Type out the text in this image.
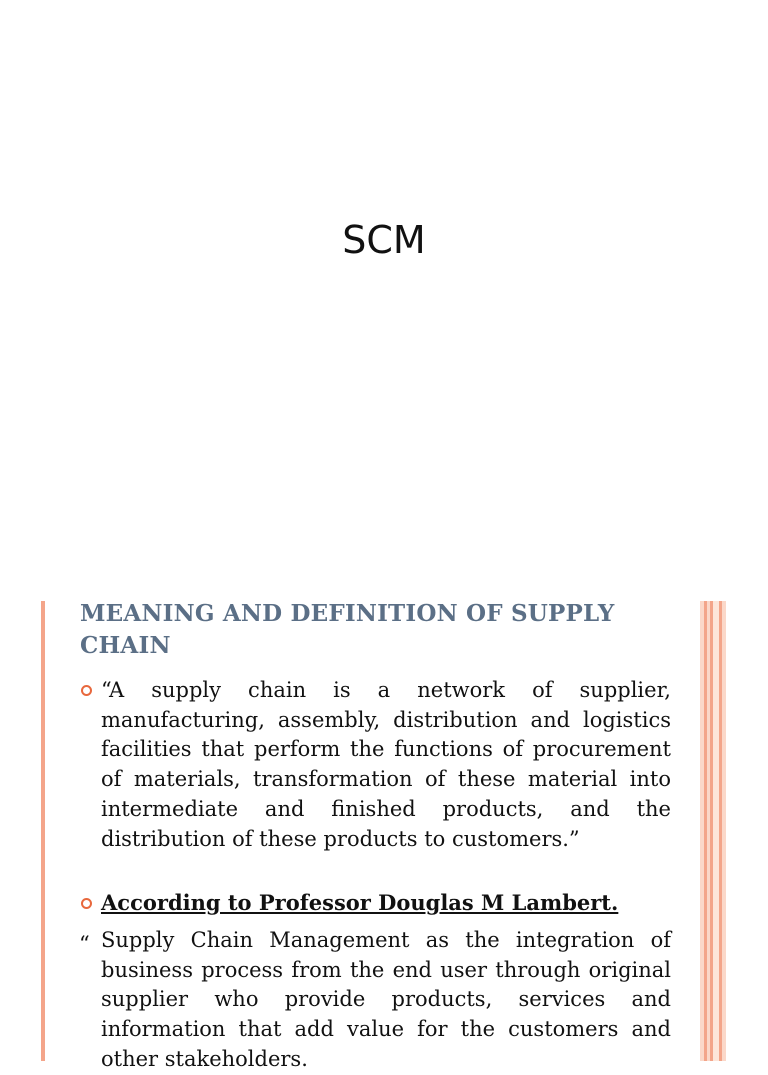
SCM
MEANING AND DEFINITION OF SUPPLY CHAIN
“A supply chain is a network of supplier, manufacturing, assembly, distribution and logistics facilities that perform the functions of procurement of materials, transformation of these material into intermediate and finished products, and the distribution of these products to customers.”
According to Professor Douglas M Lambert.
“ Supply Chain Management as the integration of business process from the end user through original supplier who provide products, services and information that add value for the customers and other stakeholders.
